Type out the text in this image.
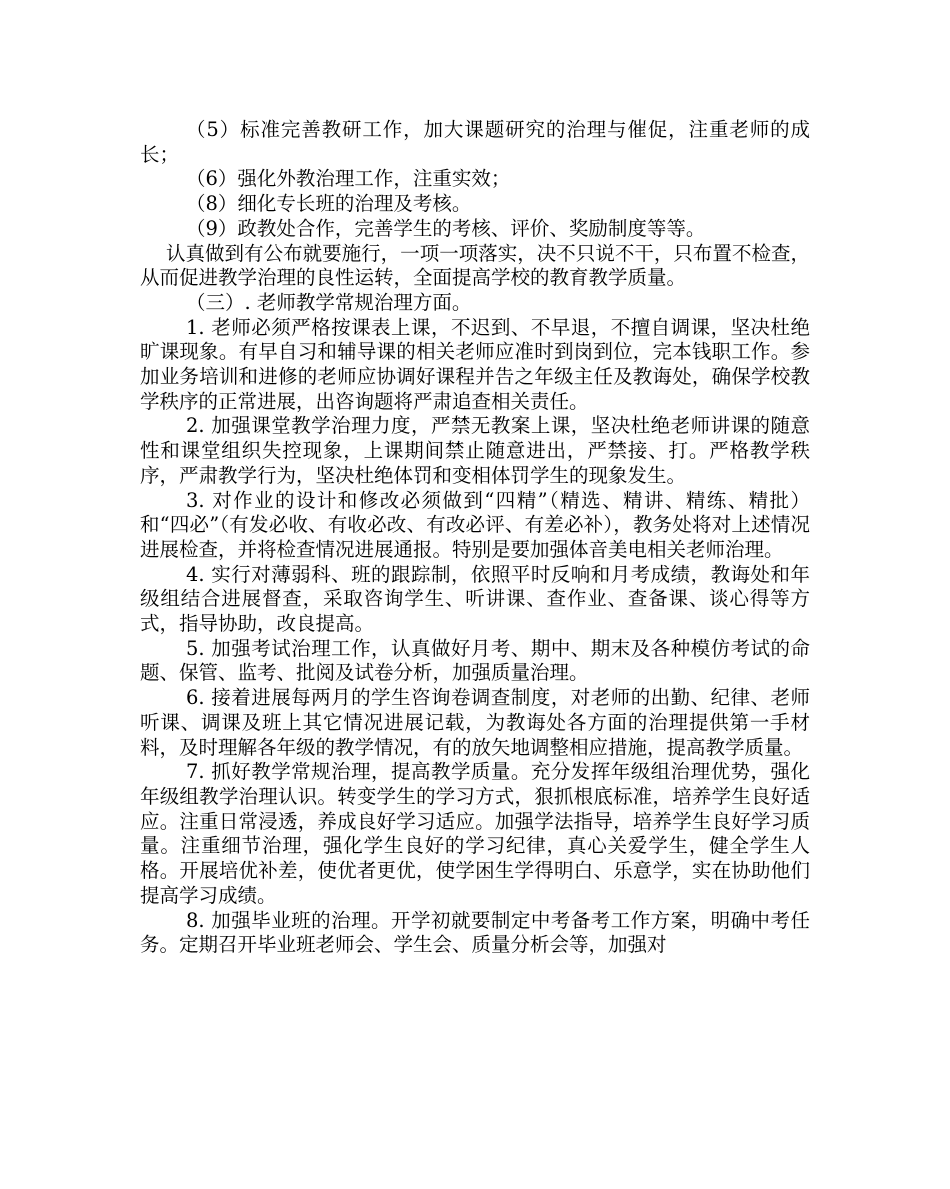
（5）标准完善教研工作，加大课题研究的治理与催促，注重老师的成长；

（6）强化外教治理工作，注重实效；

（8）细化专长班的治理及考核。

（9）政教处合作，完善学生的考核、评价、奖励制度等等。

认真做到有公布就要施行，一项一项落实，决不只说不干，只布置不检查，从而促进教学治理的良性运转，全面提高学校的教育教学质量。

（三）. 老师教学常规治理方面。

1. 老师必须严格按课表上课，不迟到、不早退，不擅自调课，坚决杜绝旷课现象。有早自习和辅导课的相关老师应准时到岗到位，完本钱职工作。参加业务培训和进修的老师应协调好课程并告之年级主任及教诲处，确保学校教学秩序的正常进展，出咨询题将严肃追查相关责任。

2. 加强课堂教学治理力度，严禁无教案上课，坚决杜绝老师讲课的随意性和课堂组织失控现象，上课期间禁止随意进出，严禁接、打。严格教学秩序，严肃教学行为，坚决杜绝体罚和变相体罚学生的现象发生。

3. 对作业的设计和修改必须做到“四精”（精选、精讲、精练、精批）和“四必”（有发必收、有收必改、有改必评、有差必补），教务处将对上述情况进展检查，并将检查情况进展通报。特别是要加强体音美电相关老师治理。

4. 实行对薄弱科、班的跟踪制，依照平时反响和月考成绩，教诲处和年级组结合进展督查，采取咨询学生、听讲课、查作业、查备课、谈心得等方式，指导协助，改良提高。

5. 加强考试治理工作，认真做好月考、期中、期末及各种模仿考试的命题、保管、监考、批阅及试卷分析，加强质量治理。

6. 接着进展每两月的学生咨询卷调查制度，对老师的出勤、纪律、老师听课、调课及班上其它情况进展记载，为教诲处各方面的治理提供第一手材料，及时理解各年级的教学情况，有的放矢地调整相应措施，提高教学质量。

7. 抓好教学常规治理，提高教学质量。充分发挥年级组治理优势，强化年级组教学治理认识。转变学生的学习方式，狠抓根底标准，培养学生良好适应。注重日常浸透，养成良好学习适应。加强学法指导，培养学生良好学习质量。注重细节治理，强化学生良好的学习纪律，真心关爱学生，健全学生人格。开展培优补差，使优者更优，使学困生学得明白、乐意学，实在协助他们提高学习成绩。

8. 加强毕业班的治理。开学初就要制定中考备考工作方案，明确中考任务。定期召开毕业班老师会、学生会、质量分析会等，加强对
